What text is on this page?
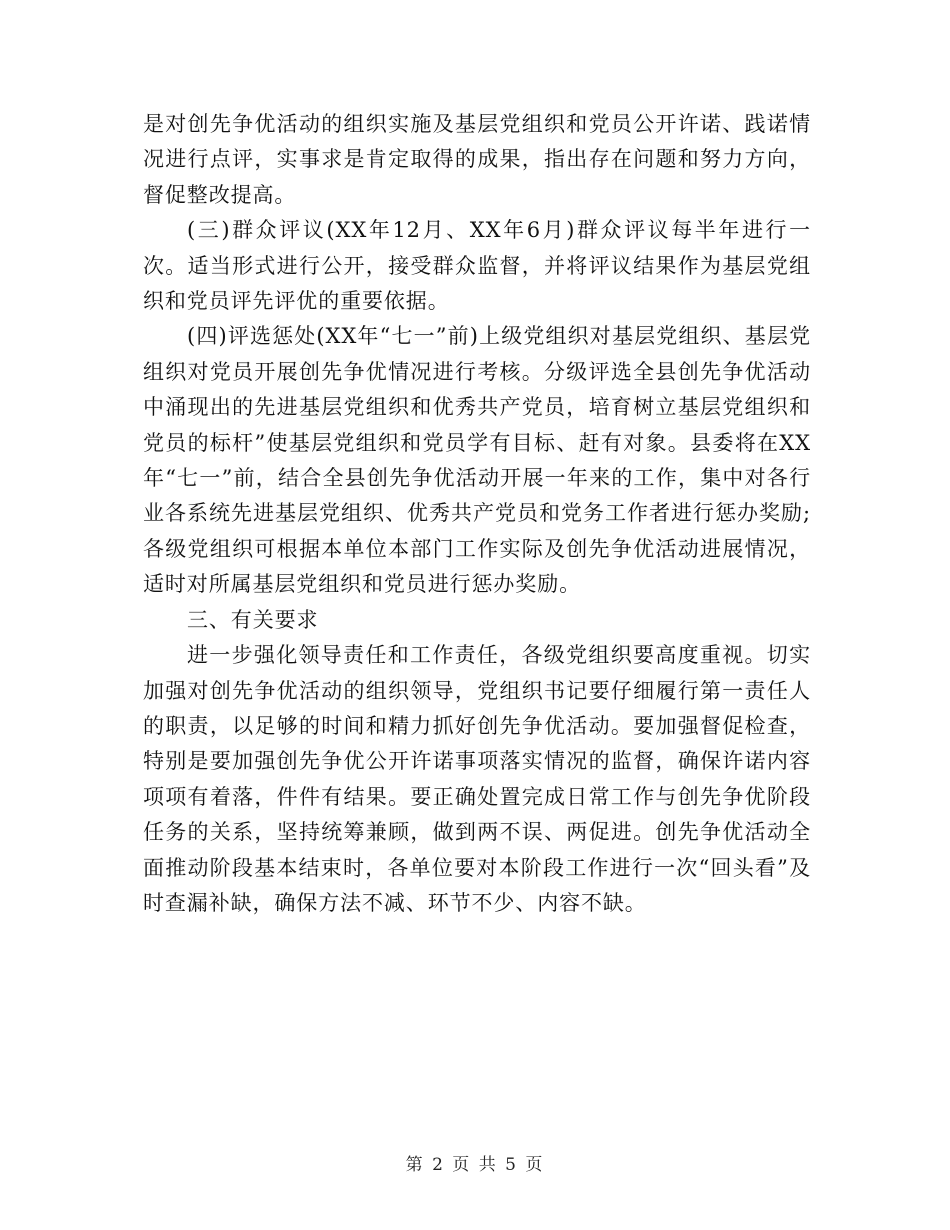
是对创先争优活动的组织实施及基层党组织和党员公开许诺、践诺情况进行点评，实事求是肯定取得的成果，指出存在问题和努力方向，督促整改提高。

(三)群众评议(XX年12月、XX年6月)群众评议每半年进行一次。适当形式进行公开，接受群众监督，并将评议结果作为基层党组织和党员评先评优的重要依据。

(四)评选惩处(XX年“七一”前)上级党组织对基层党组织、基层党组织对党员开展创先争优情况进行考核。分级评选全县创先争优活动中涌现出的先进基层党组织和优秀共产党员，培育树立基层党组织和党员的标杆”使基层党组织和党员学有目标、赶有对象。县委将在XX年“七一”前，结合全县创先争优活动开展一年来的工作，集中对各行业各系统先进基层党组织、优秀共产党员和党务工作者进行惩办奖励;各级党组织可根据本单位本部门工作实际及创先争优活动进展情况，适时对所属基层党组织和党员进行惩办奖励。

三、有关要求

进一步强化领导责任和工作责任，各级党组织要高度重视。切实加强对创先争优活动的组织领导，党组织书记要仔细履行第一责任人的职责，以足够的时间和精力抓好创先争优活动。要加强督促检查，特别是要加强创先争优公开许诺事项落实情况的监督，确保许诺内容项项有着落，件件有结果。要正确处置完成日常工作与创先争优阶段任务的关系，坚持统筹兼顾，做到两不误、两促进。创先争优活动全面推动阶段基本结束时，各单位要对本阶段工作进行一次“回头看”及时查漏补缺，确保方法不减、环节不少、内容不缺。

第 2 页 共 5 页
